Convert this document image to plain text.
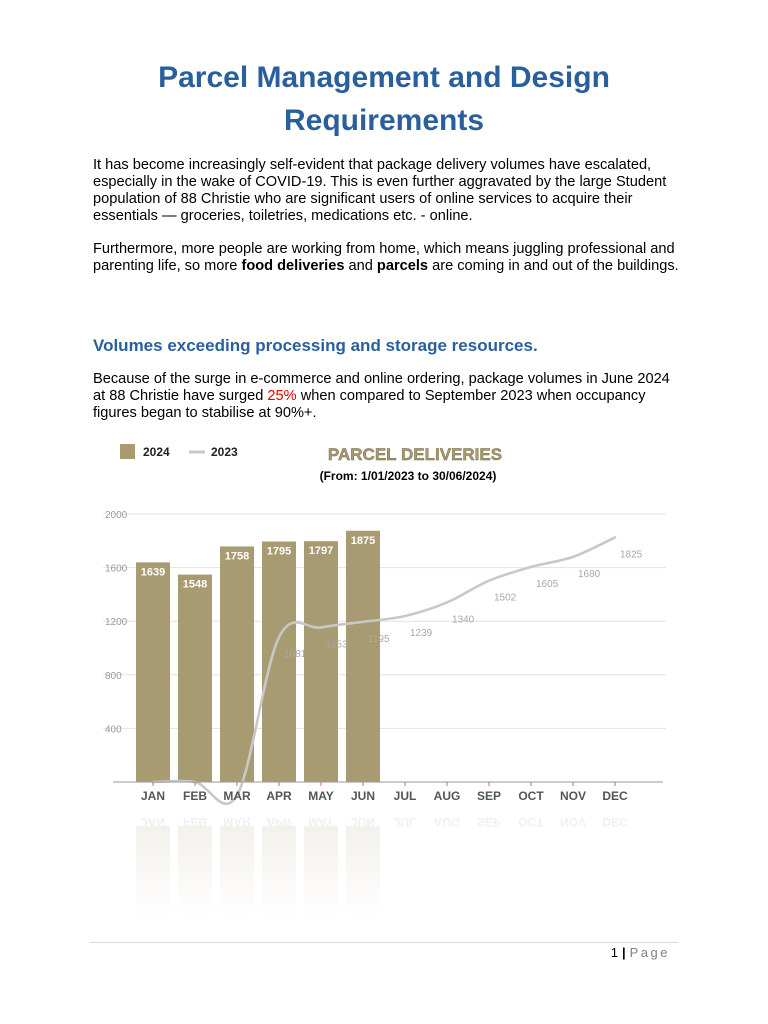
Parcel Management and Design
Requirements

It has become increasingly self-evident that package delivery volumes have escalated, especially in the wake of COVID-19. This is even further aggravated by the large Student population of 88 Christie who are significant users of online services to acquire their essentials — groceries, toiletries, medications etc. - online.

Furthermore, more people are working from home, which means juggling professional and parenting life, so more food deliveries and parcels are coming in and out of the buildings.

Volumes exceeding processing and storage resources.

Because of the surge in e-commerce and online ordering, package volumes in June 2024 at 88 Christie have surged 25% when compared to September 2023 when occupancy figures began to stabilise at 90%+.

400
800
1200
1600
2000
1639
1548
1758 1795 1797
1875
1081
1153
1195
1239
1340
1502
1605
1680
1825
JAN FEB MAR APR MAY JUN JUL AUG SEP OCT NOV DEC
2024	2023	PARCEL DELIVERIES
(From: 1/01/2023 to 30/06/2024)
1 | Page
